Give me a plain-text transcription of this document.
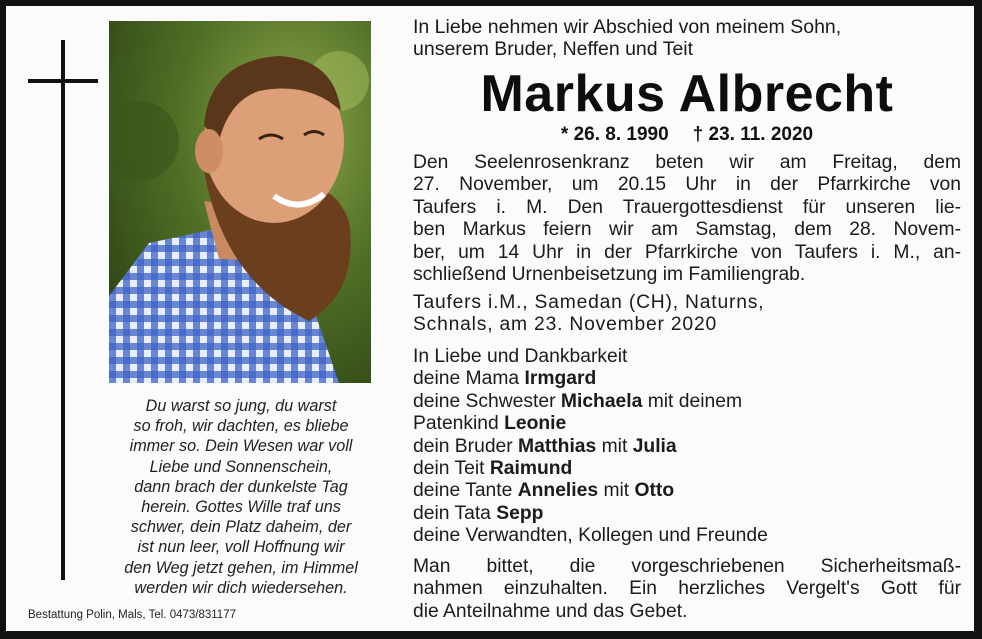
Du warst so jung, du warst
so froh, wir dachten, es bliebe
immer so. Dein Wesen war voll
Liebe und Sonnenschein,
dann brach der dunkelste Tag
herein. Gottes Wille traf uns
schwer, dein Platz daheim, der
ist nun leer, voll Hoffnung wir
den Weg jetzt gehen, im Himmel
werden wir dich wiedersehen.
Bestattung Polin, Mals, Tel. 0473/831177
In Liebe nehmen wir Abschied von meinem Sohn,
unserem Bruder, Neffen und Teit
Markus Albrecht
* 26. 8. 1990 † 23. 11. 2020
Den Seelenrosenkranz beten wir am Freitag, dem
27. November, um 20.15 Uhr in der Pfarrkirche von
Taufers i. M. Den Trauergottesdienst für unseren lie-
ben Markus feiern wir am Samstag, dem 28. Novem-
ber, um 14 Uhr in der Pfarrkirche von Taufers i. M., an-
schließend Urnenbeisetzung im Familiengrab.
Taufers i.M., Samedan (CH), Naturns,
Schnals, am 23. November 2020
In Liebe und Dankbarkeit
deine Mama Irmgard
deine Schwester Michaela mit deinem
Patenkind Leonie
dein Bruder Matthias mit Julia
dein Teit Raimund
deine Tante Annelies mit Otto
dein Tata Sepp
deine Verwandten, Kollegen und Freunde
Man bittet, die vorgeschriebenen Sicherheitsmaß-
nahmen einzuhalten. Ein herzliches Vergelt's Gott für
die Anteilnahme und das Gebet.
